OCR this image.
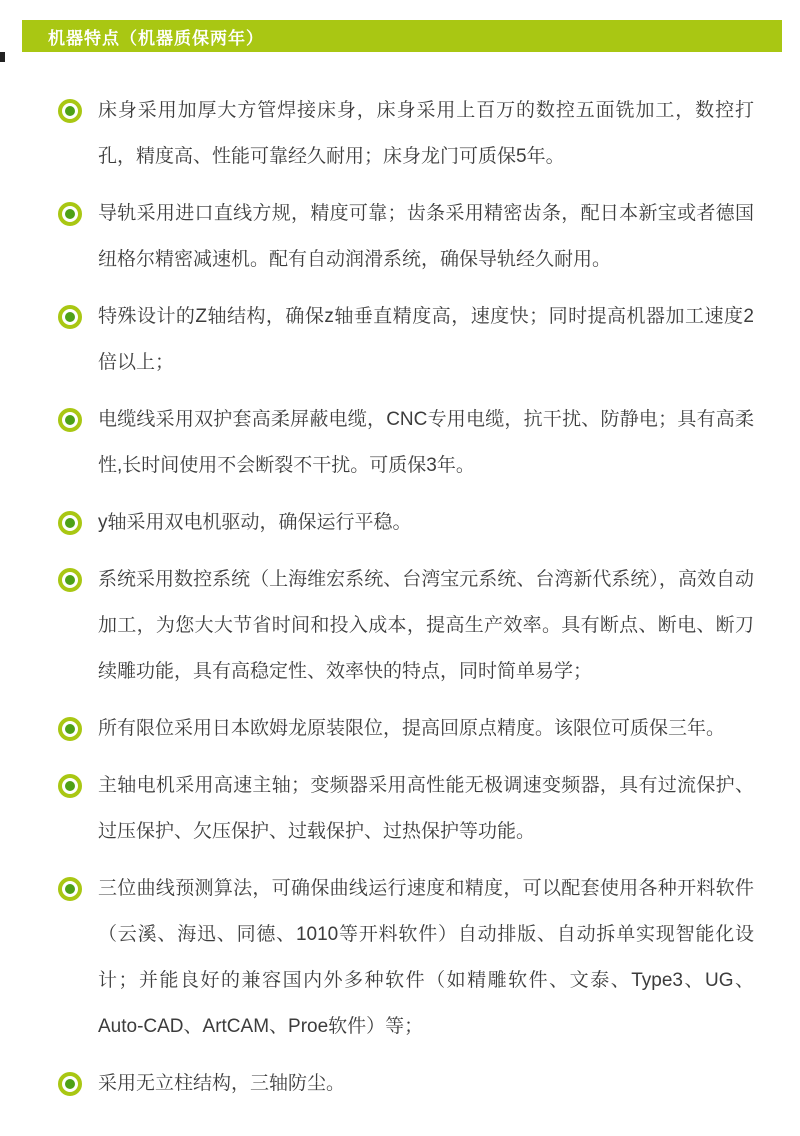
机器特点（机器质保两年）

床身采用加厚大方管焊接床身，床身采用上百万的数控五面铣加工，数控打孔，精度高、性能可靠经久耐用；床身龙门可质保5年。

导轨采用进口直线方规，精度可靠；齿条采用精密齿条，配日本新宝或者德国纽格尔精密减速机。配有自动润滑系统，确保导轨经久耐用。

特殊设计的Z轴结构，确保z轴垂直精度高，速度快；同时提高机器加工速度2倍以上；

电缆线采用双护套高柔屏蔽电缆，CNC专用电缆，抗干扰、防静电；具有高柔性,长时间使用不会断裂不干扰。可质保3年。

y轴采用双电机驱动，确保运行平稳。

系统采用数控系统（上海维宏系统、台湾宝元系统、台湾新代系统），高效自动加工，为您大大节省时间和投入成本，提高生产效率。具有断点、断电、断刀续雕功能，具有高稳定性、效率快的特点，同时简单易学；

所有限位采用日本欧姆龙原装限位，提高回原点精度。该限位可质保三年。

主轴电机采用高速主轴；变频器采用高性能无极调速变频器，具有过流保护、过压保护、欠压保护、过载保护、过热保护等功能。

三位曲线预测算法，可确保曲线运行速度和精度，可以配套使用各种开料软件（云溪、海迅、同德、1010等开料软件）自动排版、自动拆单实现智能化设计；并能良好的兼容国内外多种软件（如精雕软件、文泰、Type3、UG、Auto-CAD、ArtCAM、Proe软件）等；

采用无立柱结构，三轴防尘。
